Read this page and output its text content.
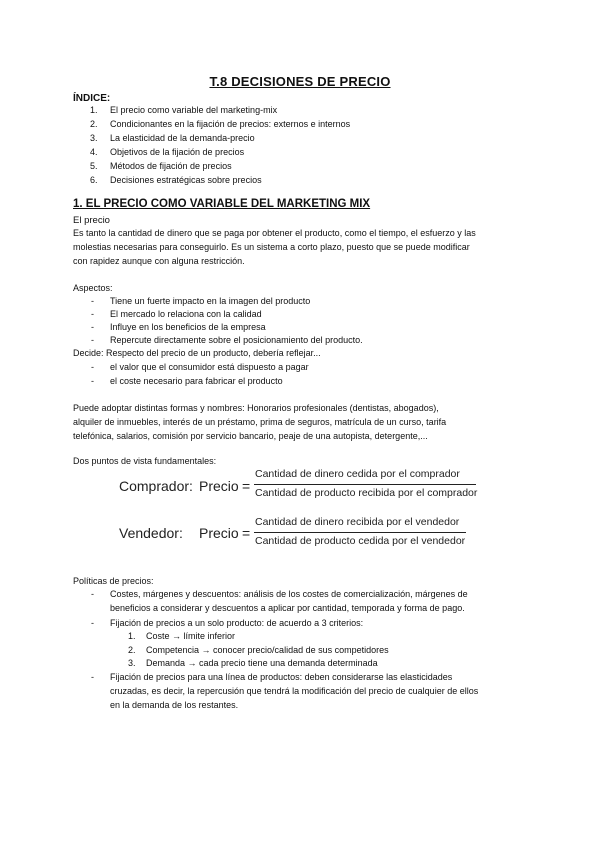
T.8 DECISIONES DE PRECIO
ÍNDICE:
1. El precio como variable del marketing-mix
2. Condicionantes en la fijación de precios: externos e internos
3. La elasticidad de la demanda-precio
4. Objetivos de la fijación de precios
5. Métodos de fijación de precios
6. Decisiones estratégicas sobre precios
1. EL PRECIO COMO VARIABLE DEL MARKETING MIX
El precio
Es tanto la cantidad de dinero que se paga por obtener el producto, como el tiempo, el esfuerzo y las
molestias necesarias para conseguirlo. Es un sistema a corto plazo, puesto que se puede modificar
con rapidez aunque con alguna restricción.
Aspectos:
- Tiene un fuerte impacto en la imagen del producto
- El mercado lo relaciona con la calidad
- Influye en los beneficios de la empresa
- Repercute directamente sobre el posicionamiento del producto.
Decide: Respecto del precio de un producto, debería reflejar...
- el valor que el consumidor está dispuesto a pagar
- el coste necesario para fabricar el producto
Puede adoptar distintas formas y nombres: Honorarios profesionales (dentistas, abogados),
alquiler de inmuebles, interés de un préstamo, prima de seguros, matrícula de un curso, tarifa
telefónica, salarios, comisión por servicio bancario, peaje de una autopista, detergente,...
Dos puntos de vista fundamentales:
Comprador: Precio =
Cantidad de dinero cedida por el comprador
Cantidad de producto recibida por el comprador
Vendedor: Precio =
Cantidad de dinero recibida por el vendedor
Cantidad de producto cedida por el vendedor
Políticas de precios:
- Costes, márgenes y descuentos: análisis de los costes de comercialización, márgenes de
beneficios a considerar y descuentos a aplicar por cantidad, temporada y forma de pago.
- Fijación de precios a un solo producto: de acuerdo a 3 criterios:
1. Coste → límite inferior
2. Competencia → conocer precio/calidad de sus competidores
3. Demanda → cada precio tiene una demanda determinada
- Fijación de precios para una línea de productos: deben considerarse las elasticidades
cruzadas, es decir, la repercusión que tendrá la modificación del precio de cualquier de ellos
en la demanda de los restantes.
